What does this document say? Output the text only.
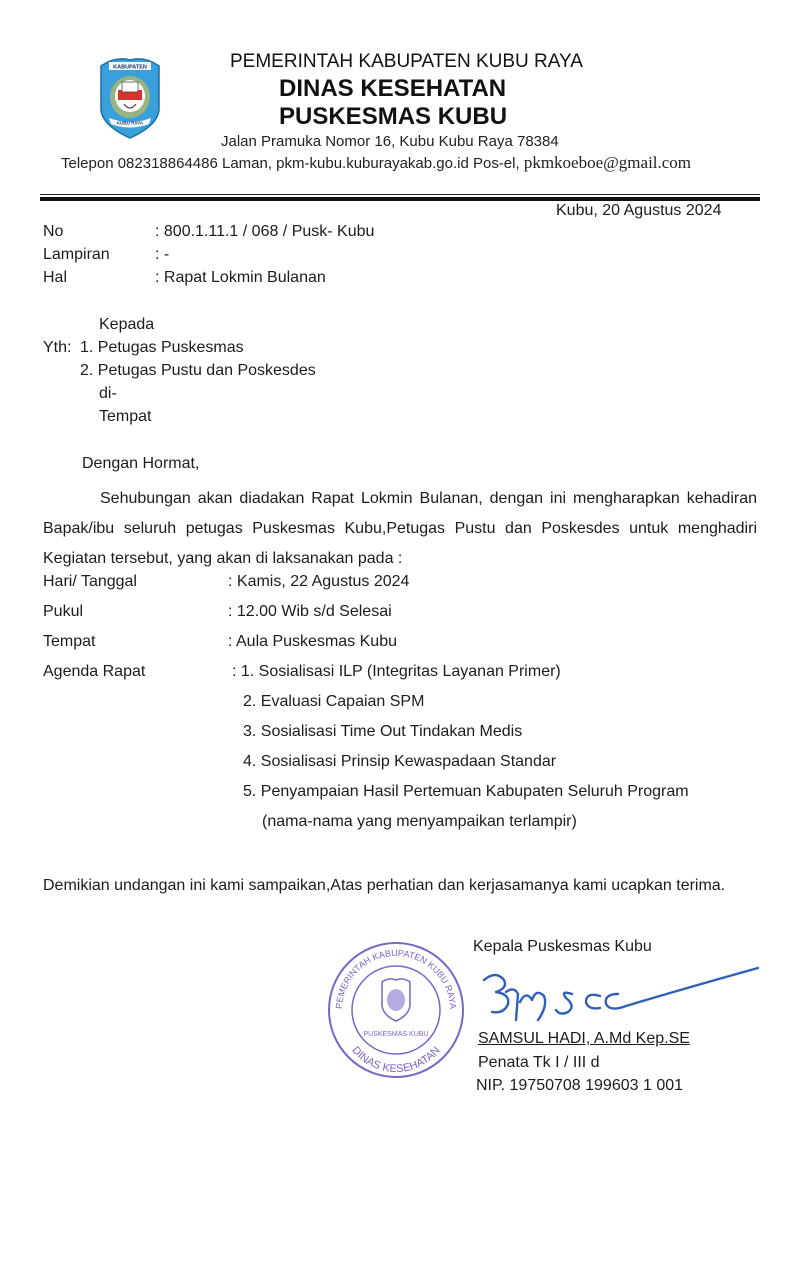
KABUPATEN
KUBU RAYA
PEMERINTAH KABUPATEN KUBU RAYA
DINAS KESEHATAN
PUSKESMAS KUBU
Jalan Pramuka Nomor 16, Kubu Kubu Raya 78384
Telepon 082318864486 Laman, pkm-kubu.kuburayakab.go.id Pos-el, pkmkoeboe@gmail.com
Kubu, 20 Agustus 2024
No	: 800.1.11.1 / 068 / Pusk- Kubu
Lampiran	: -
Hal	: Rapat Lokmin Bulanan
Kepada
Yth: 1. Petugas Puskesmas
2. Petugas Pustu dan Poskesdes
di-
Tempat
Dengan Hormat,
Sehubungan akan diadakan Rapat Lokmin Bulanan, dengan ini mengharapkan kehadiran Bapak/ibu seluruh petugas Puskesmas Kubu,Petugas Pustu dan Poskesdes untuk menghadiri Kegiatan tersebut, yang akan di laksanakan pada :
Hari/ Tanggal	: Kamis, 22 Agustus 2024
Pukul	: 12.00 Wib s/d Selesai
Tempat	: Aula Puskesmas Kubu
Agenda Rapat	: 1. Sosialisasi ILP (Integritas Layanan Primer)
2. Evaluasi Capaian SPM
3. Sosialisasi Time Out Tindakan Medis
4. Sosialisasi Prinsip Kewaspadaan Standar
5. Penyampaian Hasil Pertemuan Kabupaten Seluruh Program
(nama-nama yang menyampaikan terlampir)
Demikian undangan ini kami sampaikan,Atas perhatian dan kerjasamanya kami ucapkan terima.
PEMERINTAH KABUPATEN KUBU RAYA
DINAS KESEHATAN
PUSKESMAS KUBU
Kepala Puskesmas Kubu
SAMSUL HADI, A.Md Kep.SE
Penata Tk I / III d
NIP. 19750708 199603 1 001
